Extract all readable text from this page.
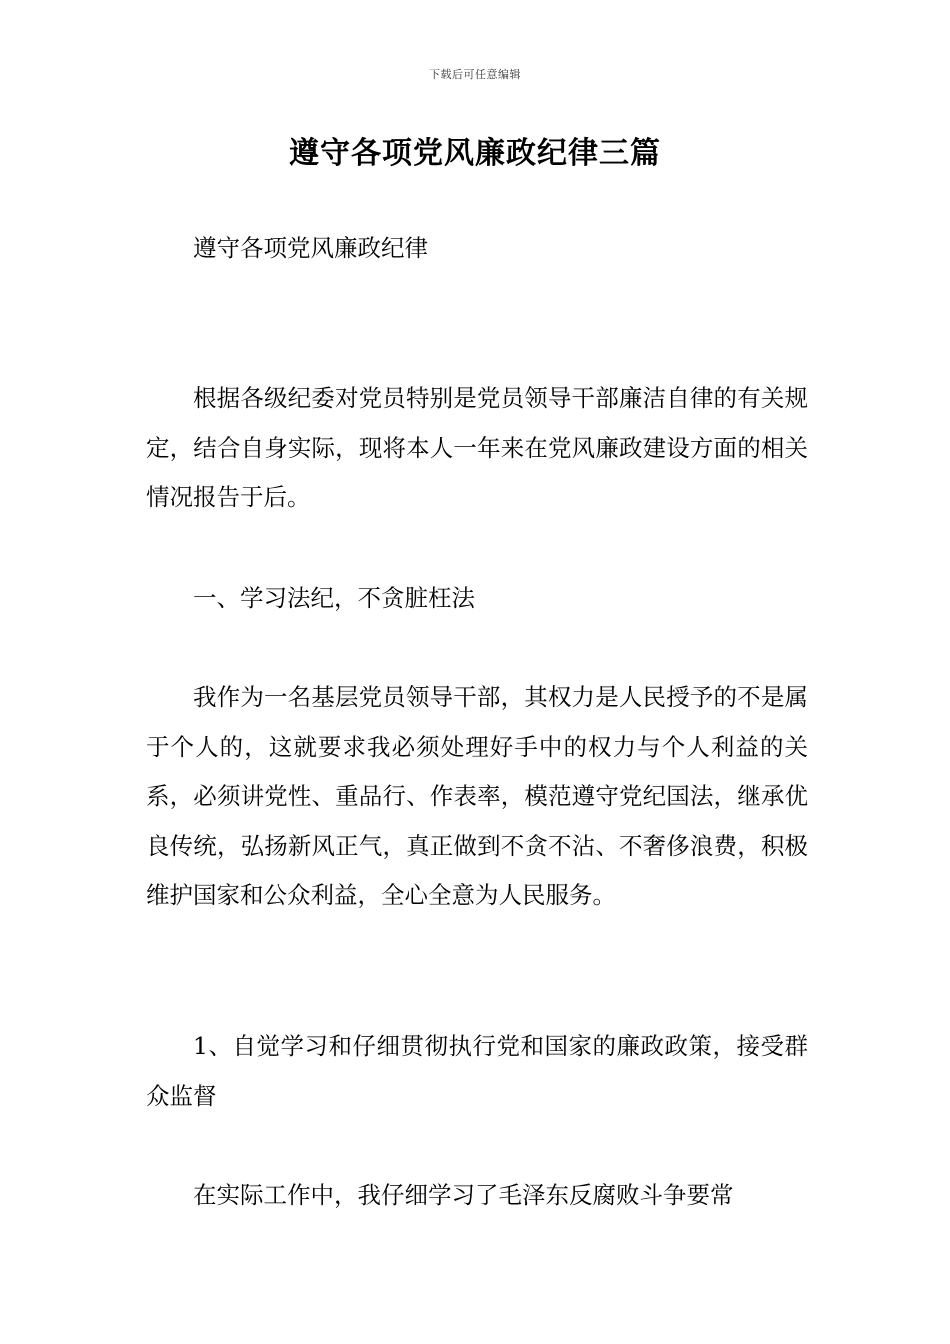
下载后可任意编辑
遵守各项党风廉政纪律三篇

遵守各项党风廉政纪律

根据各级纪委对党员特别是党员领导干部廉洁自律的有关规定，结合自身实际，现将本人一年来在党风廉政建设方面的相关情况报告于后。

一、学习法纪，不贪脏枉法

我作为一名基层党员领导干部，其权力是人民授予的不是属于个人的，这就要求我必须处理好手中的权力与个人利益的关系，必须讲党性、重品行、作表率，模范遵守党纪国法，继承优良传统，弘扬新风正气，真正做到不贪不沾、不奢侈浪费，积极维护国家和公众利益，全心全意为人民服务。

1、自觉学习和仔细贯彻执行党和国家的廉政政策，接受群众监督

在实际工作中，我仔细学习了毛泽东反腐败斗争要常
